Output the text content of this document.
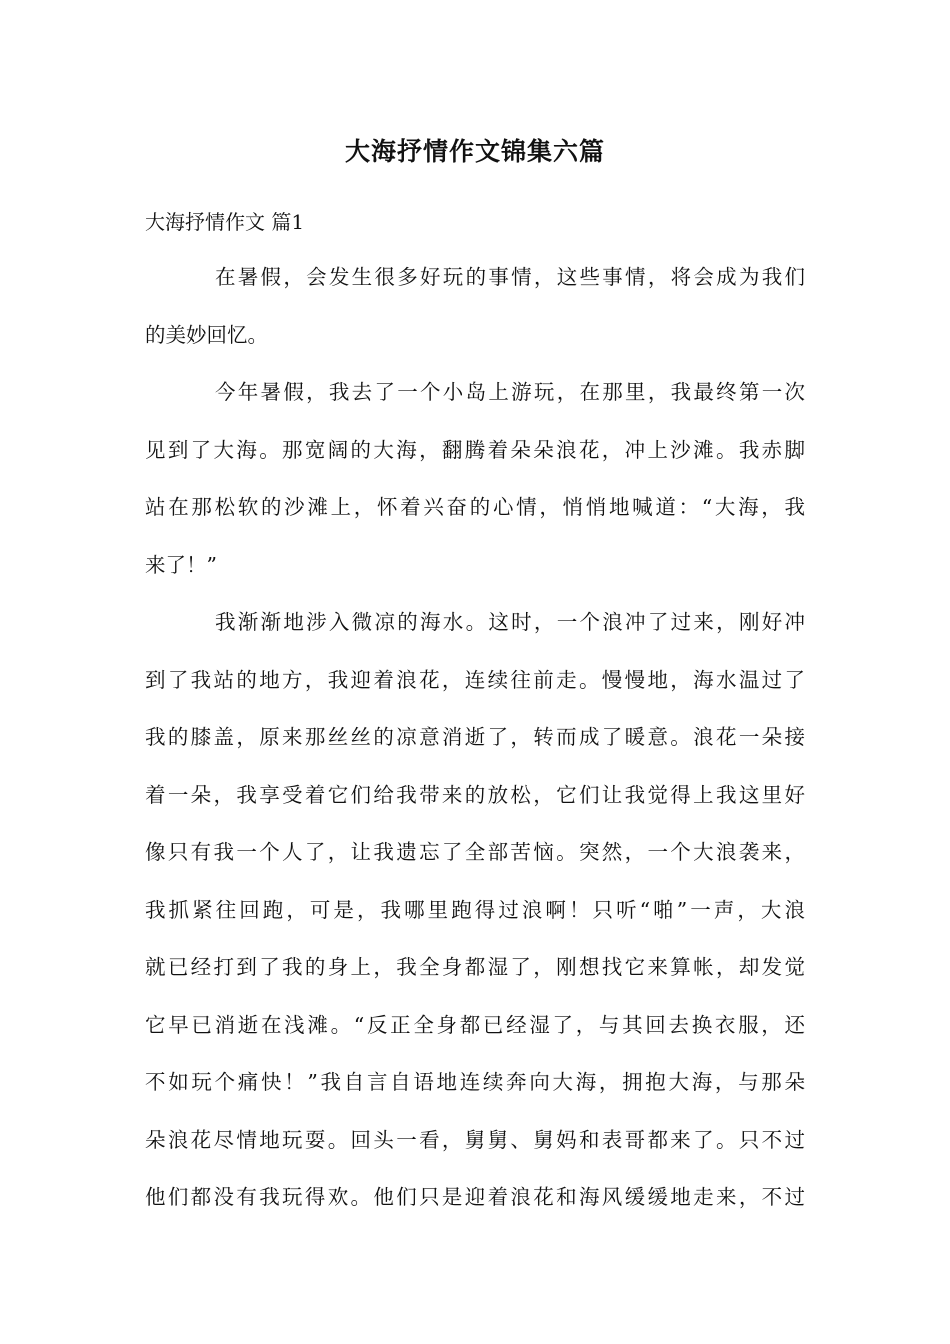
大海抒情作文锦集六篇
大海抒情作文 篇1
在暑假，会发生很多好玩的事情，这些事情，将会成为我们
的美妙回忆。
今年暑假，我去了一个小岛上游玩，在那里，我最终第一次
见到了大海。那宽阔的大海，翻腾着朵朵浪花，冲上沙滩。我赤脚
站在那松软的沙滩上，怀着兴奋的心情，悄悄地喊道：“大海，我
来了！”
我渐渐地涉入微凉的海水。这时，一个浪冲了过来，刚好冲
到了我站的地方，我迎着浪花，连续往前走。慢慢地，海水温过了
我的膝盖，原来那丝丝的凉意消逝了，转而成了暖意。浪花一朵接
着一朵，我享受着它们给我带来的放松，它们让我觉得上我这里好
像只有我一个人了，让我遗忘了全部苦恼。突然，一个大浪袭来，
我抓紧往回跑，可是，我哪里跑得过浪啊！只听“啪”一声，大浪
就已经打到了我的身上，我全身都湿了，刚想找它来算帐，却发觉
它早已消逝在浅滩。“反正全身都已经湿了，与其回去换衣服，还
不如玩个痛快！”我自言自语地连续奔向大海，拥抱大海，与那朵
朵浪花尽情地玩耍。回头一看，舅舅、舅妈和表哥都来了。只不过
他们都没有我玩得欢。他们只是迎着浪花和海风缓缓地走来，不过
